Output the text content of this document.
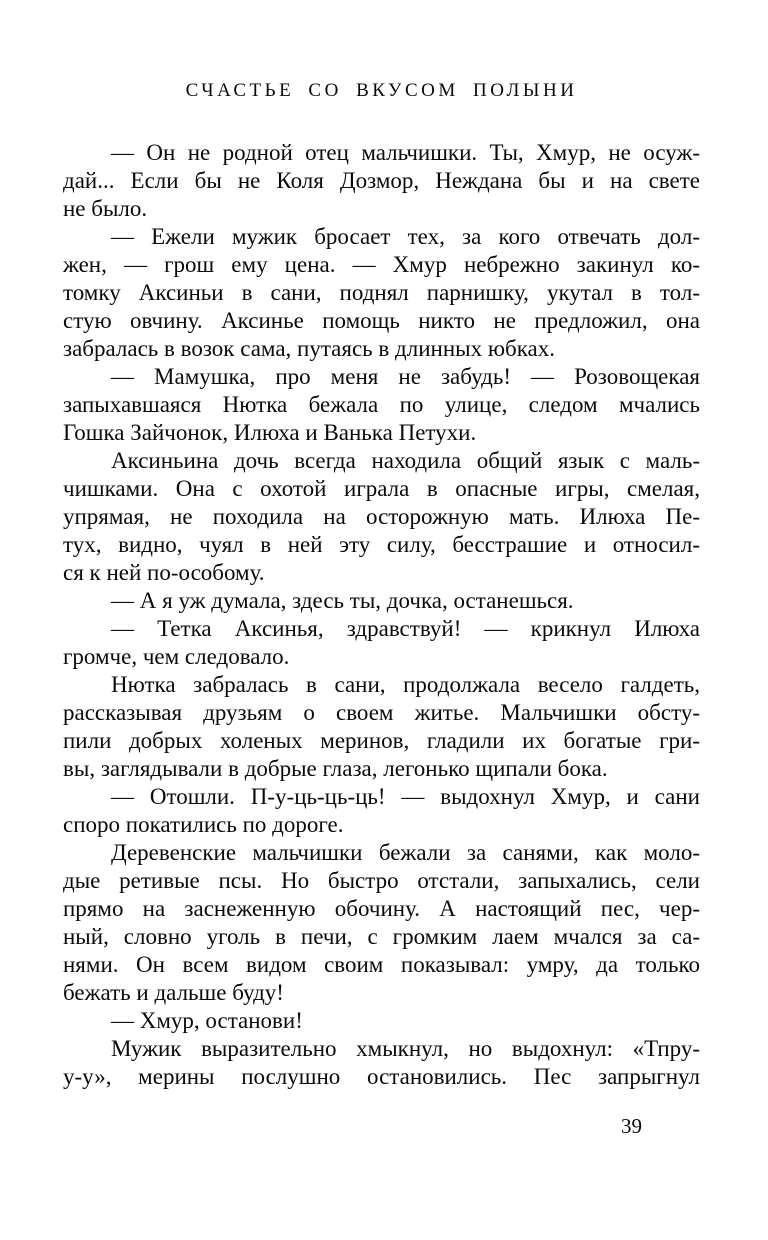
СЧАСТЬЕ СО ВКУСОМ ПОЛЫНИ
— Он не родной отец мальчишки. Ты, Хмур, не осуж-
дай... Если бы не Коля Дозмор, Неждана бы и на свете
не было.
— Ежели мужик бросает тех, за кого отвечать дол-
жен, — грош ему цена. — Хмур небрежно закинул ко-
томку Аксиньи в сани, поднял парнишку, укутал в тол-
стую овчину. Аксинье помощь никто не предложил, она
забралась в возок сама, путаясь в длинных юбках.
— Мамушка, про меня не забудь! — Розовощекая
запыхавшаяся Нютка бежала по улице, следом мчались
Гошка Зайчонок, Илюха и Ванька Петухи.
Аксиньина дочь всегда находила общий язык с маль-
чишками. Она с охотой играла в опасные игры, смелая,
упрямая, не походила на осторожную мать. Илюха Пе-
тух, видно, чуял в ней эту силу, бесстрашие и относил-
ся к ней по-особому.
— А я уж думала, здесь ты, дочка, останешься.
— Тетка Аксинья, здравствуй! — крикнул Илюха
громче, чем следовало.
Нютка забралась в сани, продолжала весело галдеть,
рассказывая друзьям о своем житье. Мальчишки обсту-
пили добрых холеных меринов, гладили их богатые гри-
вы, заглядывали в добрые глаза, легонько щипали бока.
— Отошли. П-у-ць-ць-ць! — выдохнул Хмур, и сани
споро покатились по дороге.
Деревенские мальчишки бежали за санями, как моло-
дые ретивые псы. Но быстро отстали, запыхались, сели
прямо на заснеженную обочину. А настоящий пес, чер-
ный, словно уголь в печи, с громким лаем мчался за са-
нями. Он всем видом своим показывал: умру, да только
бежать и дальше буду!
— Хмур, останови!
Мужик выразительно хмыкнул, но выдохнул: «Тпру-
у-у», мерины послушно остановились. Пес запрыгнул
39
